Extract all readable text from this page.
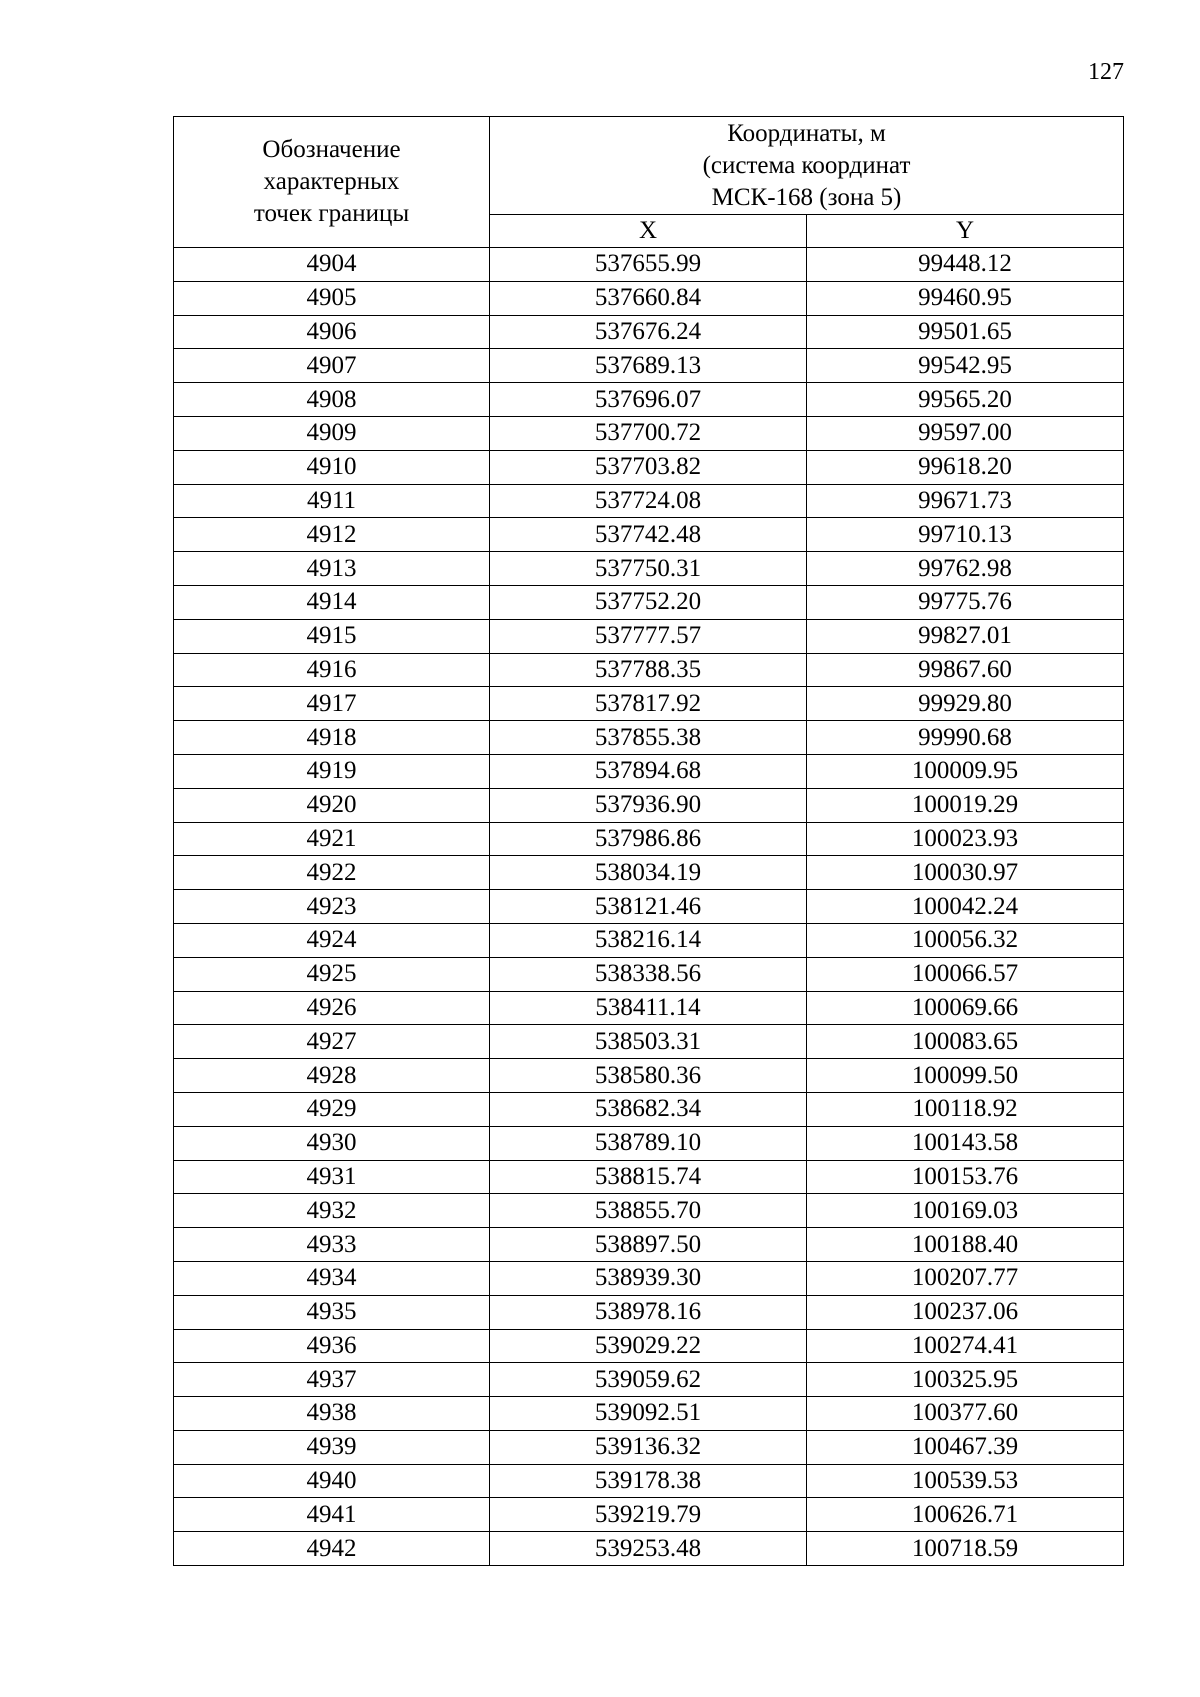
127
Обозначение
характерных
точек границы	Координаты, м
(система координат
МСК-168 (зона 5)	

	X	Y
4904	537655.99	99448.12
4905	537660.84	99460.95
4906	537676.24	99501.65
4907	537689.13	99542.95
4908	537696.07	99565.20
4909	537700.72	99597.00
4910	537703.82	99618.20
4911	537724.08	99671.73
4912	537742.48	99710.13
4913	537750.31	99762.98
4914	537752.20	99775.76
4915	537777.57	99827.01
4916	537788.35	99867.60
4917	537817.92	99929.80
4918	537855.38	99990.68
4919	537894.68	100009.95
4920	537936.90	100019.29
4921	537986.86	100023.93
4922	538034.19	100030.97
4923	538121.46	100042.24
4924	538216.14	100056.32
4925	538338.56	100066.57
4926	538411.14	100069.66
4927	538503.31	100083.65
4928	538580.36	100099.50
4929	538682.34	100118.92
4930	538789.10	100143.58
4931	538815.74	100153.76
4932	538855.70	100169.03
4933	538897.50	100188.40
4934	538939.30	100207.77
4935	538978.16	100237.06
4936	539029.22	100274.41
4937	539059.62	100325.95
4938	539092.51	100377.60
4939	539136.32	100467.39
4940	539178.38	100539.53
4941	539219.79	100626.71
4942	539253.48	100718.59
